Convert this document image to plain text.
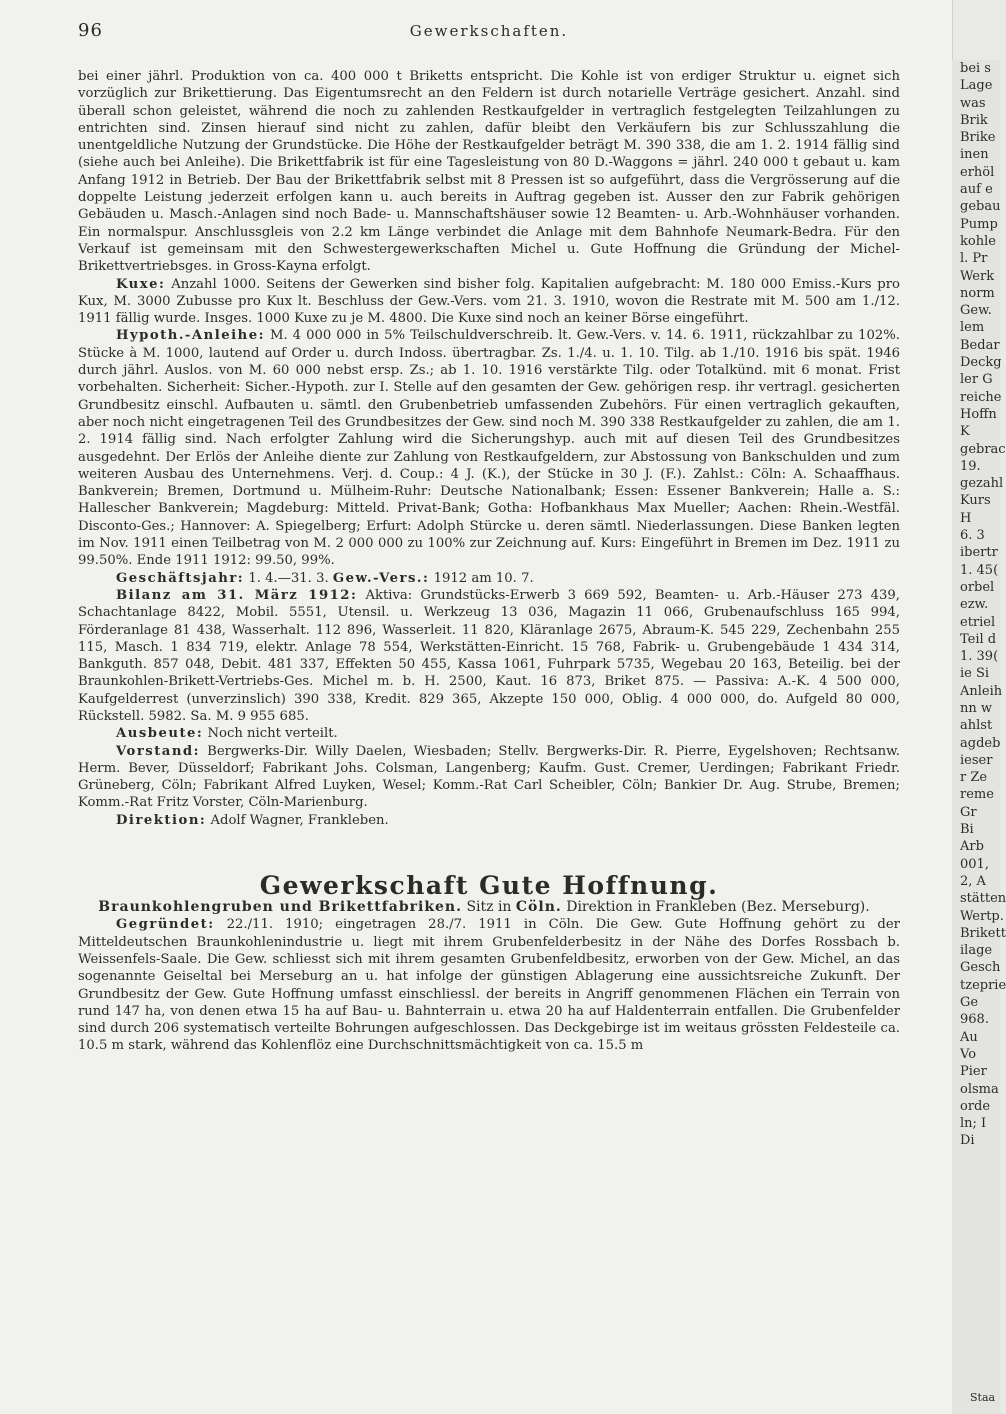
96	Gewerkschaften.

bei einer jährl. Produktion von ca. 400 000 t Briketts entspricht. Die Kohle ist von erdiger Struktur u. eignet sich vorzüglich zur Brikettierung. Das Eigentumsrecht an den Feldern ist durch notarielle Verträge gesichert. Anzahl. sind überall schon geleistet, während die noch zu zahlenden Restkaufgelder in vertraglich festgelegten Teilzahlungen zu entrichten sind. Zinsen hierauf sind nicht zu zahlen, dafür bleibt den Verkäufern bis zur Schlusszahlung die unentgeldliche Nutzung der Grundstücke. Die Höhe der Restkaufgelder beträgt M. 390 338, die am 1. 2. 1914 fällig sind (siehe auch bei Anleihe). Die Brikettfabrik ist für eine Tagesleistung von 80 D.-Waggons = jährl. 240 000 t gebaut u. kam Anfang 1912 in Betrieb. Der Bau der Brikettfabrik selbst mit 8 Pressen ist so aufgeführt, dass die Vergrösserung auf die doppelte Leistung jederzeit erfolgen kann u. auch bereits in Auftrag gegeben ist. Ausser den zur Fabrik gehörigen Gebäuden u. Masch.-Anlagen sind noch Bade- u. Mannschaftshäuser sowie 12 Beamten- u. Arb.-Wohnhäuser vorhanden. Ein normalspur. Anschlussgleis von 2.2 km Länge verbindet die Anlage mit dem Bahnhofe Neumark-Bedra. Für den Verkauf ist gemeinsam mit den Schwestergewerkschaften Michel u. Gute Hoffnung die Gründung der Michel-Brikettvertriebsges. in Gross-Kayna erfolgt.

Kuxe: Anzahl 1000. Seitens der Gewerken sind bisher folg. Kapitalien aufgebracht: M. 180 000 Emiss.-Kurs pro Kux, M. 3000 Zubusse pro Kux lt. Beschluss der Gew.-Vers. vom 21. 3. 1910, wovon die Restrate mit M. 500 am 1./12. 1911 fällig wurde. Insges. 1000 Kuxe zu je M. 4800. Die Kuxe sind noch an keiner Börse eingeführt.

Hypoth.-Anleihe: M. 4 000 000 in 5% Teilschuldverschreib. lt. Gew.-Vers. v. 14. 6. 1911, rückzahlbar zu 102%. Stücke à M. 1000, lautend auf Order u. durch Indoss. übertragbar. Zs. 1./4. u. 1. 10. Tilg. ab 1./10. 1916 bis spät. 1946 durch jährl. Auslos. von M. 60 000 nebst ersp. Zs.; ab 1. 10. 1916 verstärkte Tilg. oder Totalkünd. mit 6 monat. Frist vorbehalten. Sicherheit: Sicher.-Hypoth. zur I. Stelle auf den gesamten der Gew. gehörigen resp. ihr vertragl. gesicherten Grundbesitz einschl. Aufbauten u. sämtl. den Grubenbetrieb umfassenden Zubehörs. Für einen vertraglich gekauften, aber noch nicht eingetragenen Teil des Grundbesitzes der Gew. sind noch M. 390 338 Restkaufgelder zu zahlen, die am 1. 2. 1914 fällig sind. Nach erfolgter Zahlung wird die Sicherungshyp. auch mit auf diesen Teil des Grundbesitzes ausgedehnt. Der Erlös der Anleihe diente zur Zahlung von Restkaufgeldern, zur Abstossung von Bankschulden und zum weiteren Ausbau des Unternehmens. Verj. d. Coup.: 4 J. (K.), der Stücke in 30 J. (F.). Zahlst.: Cöln: A. Schaaffhaus. Bankverein; Bremen, Dortmund u. Mülheim-Ruhr: Deutsche Nationalbank; Essen: Essener Bankverein; Halle a. S.: Hallescher Bankverein; Magdeburg: Mitteld. Privat-Bank; Gotha: Hofbankhaus Max Mueller; Aachen: Rhein.-Westfäl. Disconto-Ges.; Hannover: A. Spiegelberg; Erfurt: Adolph Stürcke u. deren sämtl. Niederlassungen. Diese Banken legten im Nov. 1911 einen Teilbetrag von M. 2 000 000 zu 100% zur Zeichnung auf. Kurs: Eingeführt in Bremen im Dez. 1911 zu 99.50%. Ende 1911 1912: 99.50, 99%.

Geschäftsjahr: 1. 4.—31. 3. Gew.-Vers.: 1912 am 10. 7.

Bilanz am 31. März 1912: Aktiva: Grundstücks-Erwerb 3 669 592, Beamten- u. Arb.-Häuser 273 439, Schachtanlage 8422, Mobil. 5551, Utensil. u. Werkzeug 13 036, Magazin 11 066, Grubenaufschluss 165 994, Förderanlage 81 438, Wasserhalt. 112 896, Wasserleit. 11 820, Kläranlage 2675, Abraum-K. 545 229, Zechenbahn 255 115, Masch. 1 834 719, elektr. Anlage 78 554, Werkstätten-Einricht. 15 768, Fabrik- u. Grubengebäude 1 434 314, Bankguth. 857 048, Debit. 481 337, Effekten 50 455, Kassa 1061, Fuhrpark 5735, Wegebau 20 163, Beteilig. bei der Braunkohlen-Brikett-Vertriebs-Ges. Michel m. b. H. 2500, Kaut. 16 873, Briket 875. — Passiva: A.-K. 4 500 000, Kaufgelderrest (unverzinslich) 390 338, Kredit. 829 365, Akzepte 150 000, Oblig. 4 000 000, do. Aufgeld 80 000, Rückstell. 5982. Sa. M. 9 955 685.

Ausbeute: Noch nicht verteilt.

Vorstand: Bergwerks-Dir. Willy Daelen, Wiesbaden; Stellv. Bergwerks-Dir. R. Pierre, Eygelshoven; Rechtsanw. Herm. Bever, Düsseldorf; Fabrikant Johs. Colsman, Langenberg; Kaufm. Gust. Cremer, Uerdingen; Fabrikant Friedr. Grüneberg, Cöln; Fabrikant Alfred Luyken, Wesel; Komm.-Rat Carl Scheibler, Cöln; Bankier Dr. Aug. Strube, Bremen; Komm.-Rat Fritz Vorster, Cöln-Marienburg.

Direktion: Adolf Wagner, Frankleben.

Gewerkschaft Gute Hoffnung.
Braunkohlengruben und Brikettfabriken. Sitz in Cöln. Direktion in Frankleben (Bez. Merseburg).

Gegründet: 22./11. 1910; eingetragen 28./7. 1911 in Cöln. Die Gew. Gute Hoffnung gehört zu der Mitteldeutschen Braunkohlenindustrie u. liegt mit ihrem Grubenfelderbesitz in der Nähe des Dorfes Rossbach b. Weissenfels-Saale. Die Gew. schliesst sich mit ihrem gesamten Grubenfeldbesitz, erworben von der Gew. Michel, an das sogenannte Geiseltal bei Merseburg an u. hat infolge der günstigen Ablagerung eine aussichtsreiche Zukunft. Der Grundbesitz der Gew. Gute Hoffnung umfasst einschliessl. der bereits in Angriff genommenen Flächen ein Terrain von rund 147 ha, von denen etwa 15 ha auf Bau- u. Bahnterrain u. etwa 20 ha auf Haldenterrain entfallen. Die Grubenfelder sind durch 206 systematisch verteilte Bohrungen aufgeschlossen. Das Deckgebirge ist im weitaus grössten Feldesteile ca. 10.5 m stark, während das Kohlenflöz eine Durchschnittsmächtigkeit von ca. 15.5 m

bei s
Lage
was
Brik
Brike
inen
erhöl
auf e
gebau
Pump
kohle
l. Pr
Werk
norm
Gew.
lem
Bedar
Deckg
ler G
reiche
Hoffn
K
gebrac
19.
gezahl
Kurs
H
6. 3
ibertr
1. 45(
orbel
ezw.
etriel
Teil d
1. 39(
ie Si
Anleih
nn w
ahlst
agdeb
ieser
r Ze
reme
Gr
Bi
Arb
001,
2, A
stätten
Wertp.
Brikett
ilage
Gesch
tzeprie
Ge
968.
Au
Vo
Pier
olsma
orde
ln; I
Di
Staa
